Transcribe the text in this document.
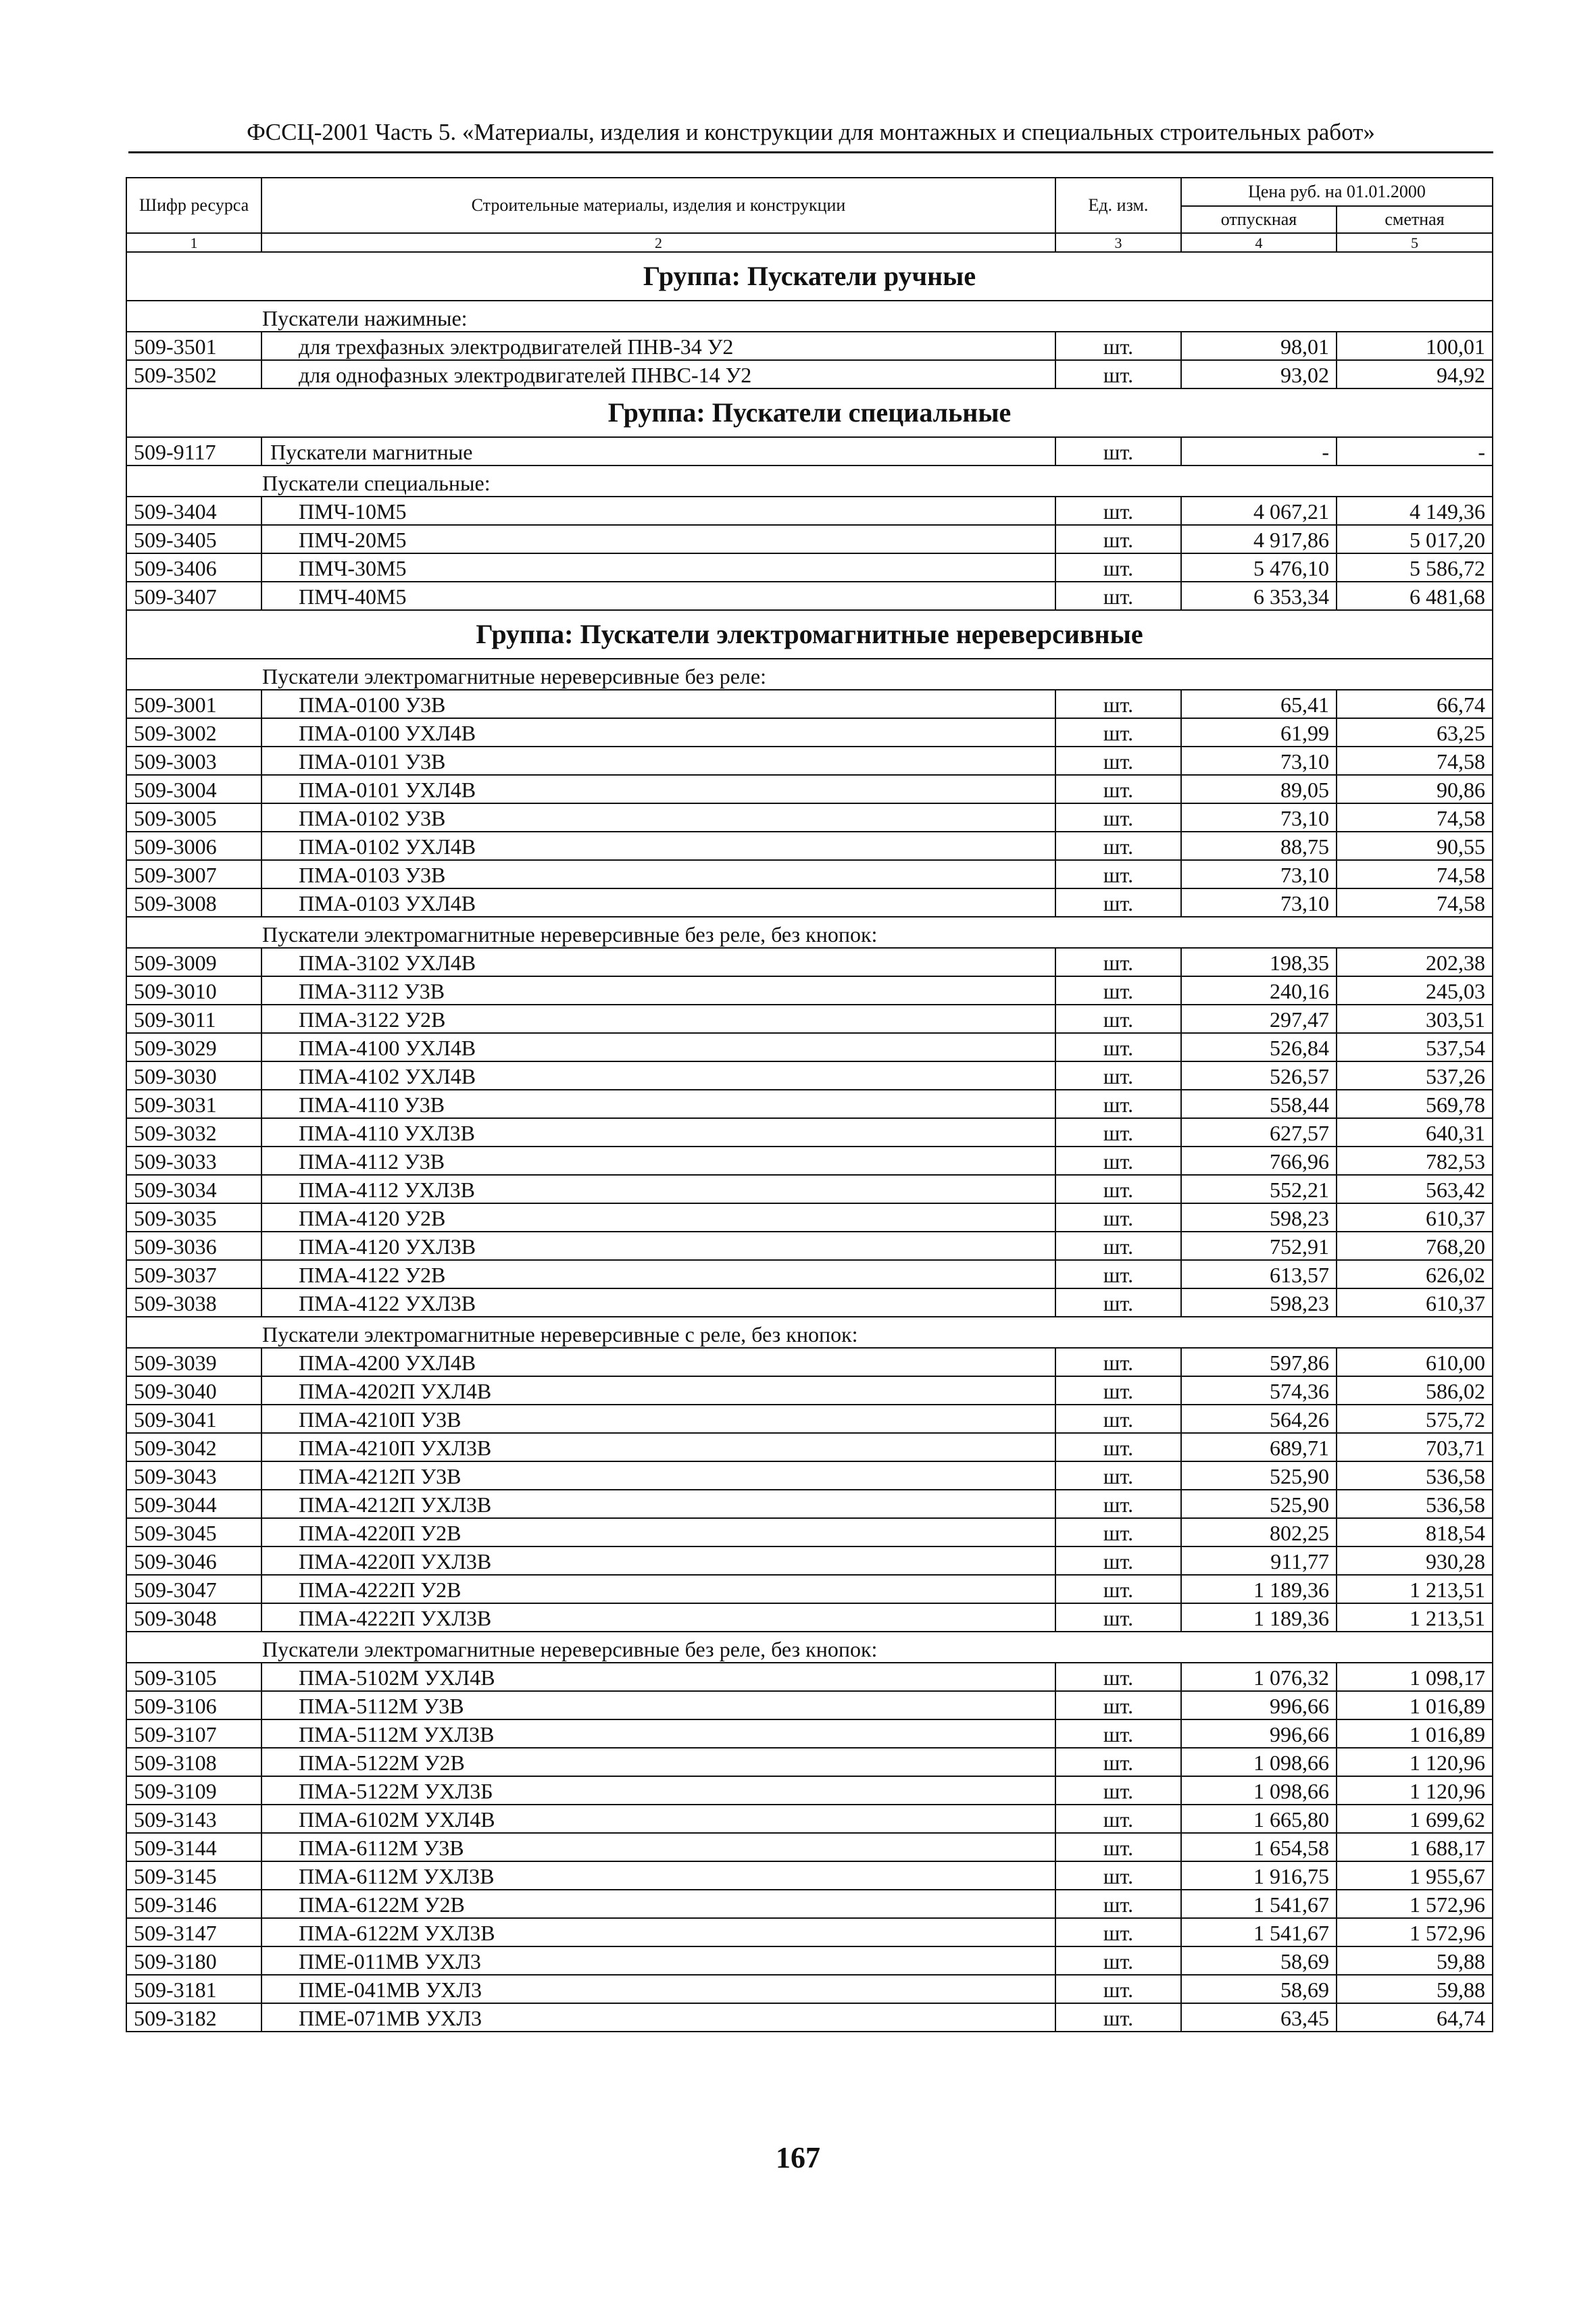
ФССЦ-2001 Часть 5. «Материалы, изделия и конструкции для монтажных и специальных строительных работ»
Шифр ресурса	Строительные материалы, изделия и конструкции	Ед. изм.	Цена руб. на 01.01.2000	
			отпускная	сметная
1	2	3	4	5
Группа: Пускатели ручные				
Пускатели нажимные:				
509-3501	для трехфазных электродвигателей ПНВ-34 У2	шт.	98,01	100,01
509-3502	для однофазных электродвигателей ПНВС-14 У2	шт.	93,02	94,92
Группа: Пускатели специальные				
509-9117	Пускатели магнитные	шт.	-	-
Пускатели специальные:				
509-3404	ПМЧ-10М5	шт.	4 067,21	4 149,36
509-3405	ПМЧ-20М5	шт.	4 917,86	5 017,20
509-3406	ПМЧ-30М5	шт.	5 476,10	5 586,72
509-3407	ПМЧ-40М5	шт.	6 353,34	6 481,68
Группа: Пускатели электромагнитные нереверсивные				
Пускатели электромагнитные нереверсивные без реле:				
509-3001	ПМА-0100 У3В	шт.	65,41	66,74
509-3002	ПМА-0100 УХЛ4В	шт.	61,99	63,25
509-3003	ПМА-0101 У3В	шт.	73,10	74,58
509-3004	ПМА-0101 УХЛ4В	шт.	89,05	90,86
509-3005	ПМА-0102 У3В	шт.	73,10	74,58
509-3006	ПМА-0102 УХЛ4В	шт.	88,75	90,55
509-3007	ПМА-0103 У3В	шт.	73,10	74,58
509-3008	ПМА-0103 УХЛ4В	шт.	73,10	74,58
Пускатели электромагнитные нереверсивные без реле, без кнопок:				
509-3009	ПМА-3102 УХЛ4В	шт.	198,35	202,38
509-3010	ПМА-3112 У3В	шт.	240,16	245,03
509-3011	ПМА-3122 У2В	шт.	297,47	303,51
509-3029	ПМА-4100 УХЛ4В	шт.	526,84	537,54
509-3030	ПМА-4102 УХЛ4В	шт.	526,57	537,26
509-3031	ПМА-4110 У3В	шт.	558,44	569,78
509-3032	ПМА-4110 УХЛ3В	шт.	627,57	640,31
509-3033	ПМА-4112 У3В	шт.	766,96	782,53
509-3034	ПМА-4112 УХЛ3В	шт.	552,21	563,42
509-3035	ПМА-4120 У2В	шт.	598,23	610,37
509-3036	ПМА-4120 УХЛ3В	шт.	752,91	768,20
509-3037	ПМА-4122 У2В	шт.	613,57	626,02
509-3038	ПМА-4122 УХЛ3В	шт.	598,23	610,37
Пускатели электромагнитные нереверсивные с реле, без кнопок:				
509-3039	ПМА-4200 УХЛ4В	шт.	597,86	610,00
509-3040	ПМА-4202П УХЛ4В	шт.	574,36	586,02
509-3041	ПМА-4210П У3В	шт.	564,26	575,72
509-3042	ПМА-4210П УХЛ3В	шт.	689,71	703,71
509-3043	ПМА-4212П У3В	шт.	525,90	536,58
509-3044	ПМА-4212П УХЛ3В	шт.	525,90	536,58
509-3045	ПМА-4220П У2В	шт.	802,25	818,54
509-3046	ПМА-4220П УХЛ3В	шт.	911,77	930,28
509-3047	ПМА-4222П У2В	шт.	1 189,36	1 213,51
509-3048	ПМА-4222П УХЛ3В	шт.	1 189,36	1 213,51
Пускатели электромагнитные нереверсивные без реле, без кнопок:				
509-3105	ПМА-5102М УХЛ4В	шт.	1 076,32	1 098,17
509-3106	ПМА-5112М У3В	шт.	996,66	1 016,89
509-3107	ПМА-5112М УХЛ3В	шт.	996,66	1 016,89
509-3108	ПМА-5122М У2В	шт.	1 098,66	1 120,96
509-3109	ПМА-5122М УХЛ3Б	шт.	1 098,66	1 120,96
509-3143	ПМА-6102М УХЛ4В	шт.	1 665,80	1 699,62
509-3144	ПМА-6112М У3В	шт.	1 654,58	1 688,17
509-3145	ПМА-6112М УХЛ3В	шт.	1 916,75	1 955,67
509-3146	ПМА-6122М У2В	шт.	1 541,67	1 572,96
509-3147	ПМА-6122М УХЛ3В	шт.	1 541,67	1 572,96
509-3180	ПМЕ-011МВ УХЛ3	шт.	58,69	59,88
509-3181	ПМЕ-041МВ УХЛ3	шт.	58,69	59,88
509-3182	ПМЕ-071МВ УХЛ3	шт.	63,45	64,74
167
